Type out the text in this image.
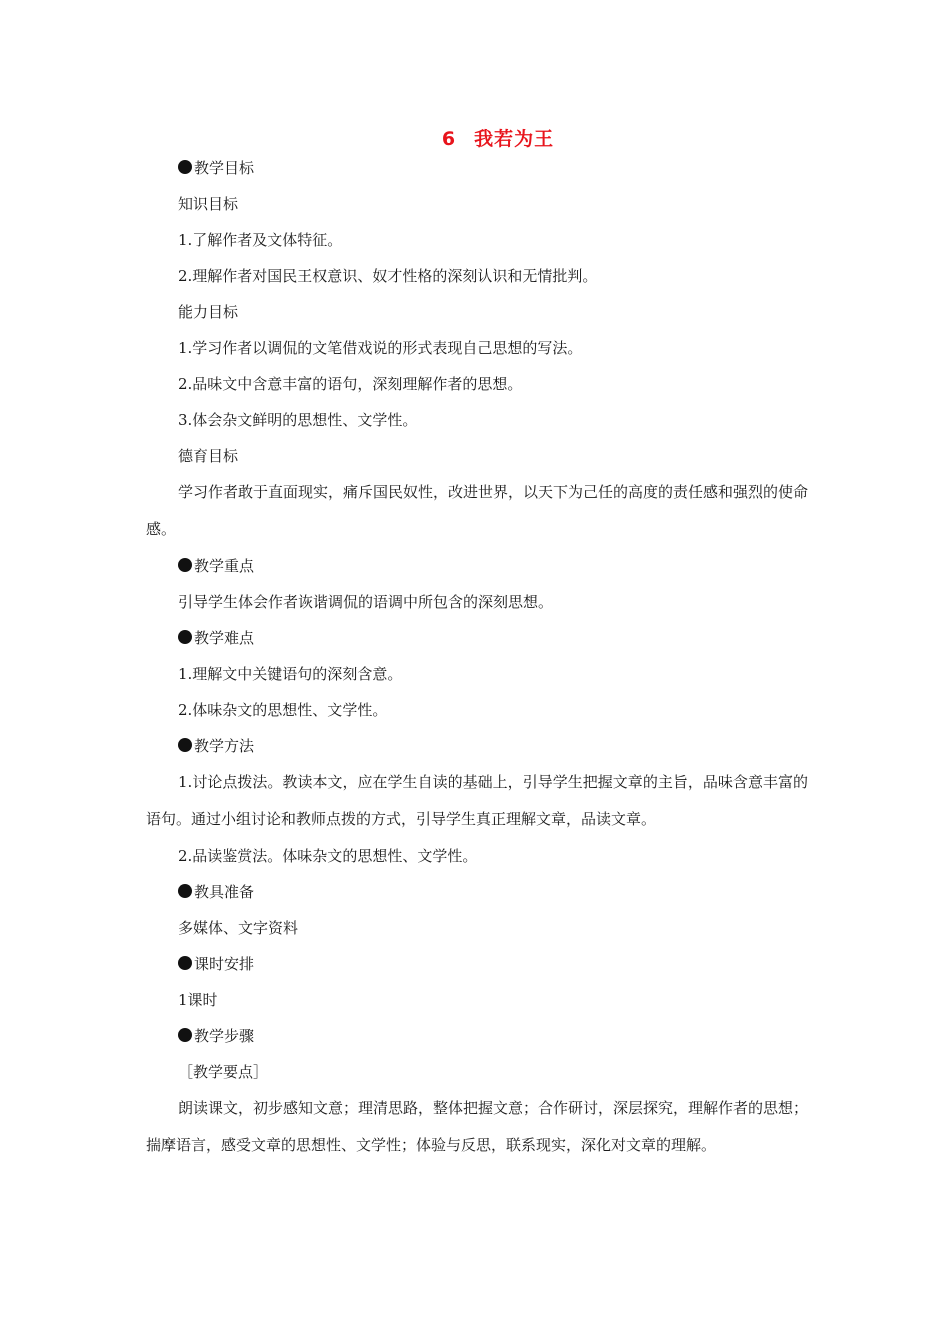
6 我若为王

教学目标

知识目标

1.了解作者及文体特征。

2.理解作者对国民王权意识、奴才性格的深刻认识和无情批判。

能力目标

1.学习作者以调侃的文笔借戏说的形式表现自己思想的写法。

2.品味文中含意丰富的语句，深刻理解作者的思想。

3.体会杂文鲜明的思想性、文学性。

德育目标

学习作者敢于直面现实，痛斥国民奴性，改进世界，以天下为己任的高度的责任感和强烈的使命感。

教学重点

引导学生体会作者诙谐调侃的语调中所包含的深刻思想。

教学难点

1.理解文中关键语句的深刻含意。

2.体味杂文的思想性、文学性。

教学方法

1.讨论点拨法。教读本文，应在学生自读的基础上，引导学生把握文章的主旨，品味含意丰富的语句。通过小组讨论和教师点拨的方式，引导学生真正理解文章，品读文章。

2.品读鉴赏法。体味杂文的思想性、文学性。

教具准备

多媒体、文字资料

课时安排

1课时

教学步骤

［教学要点］

朗读课文，初步感知文意；理清思路，整体把握文意；合作研讨，深层探究，理解作者的思想；揣摩语言，感受文章的思想性、文学性；体验与反思，联系现实，深化对文章的理解。
